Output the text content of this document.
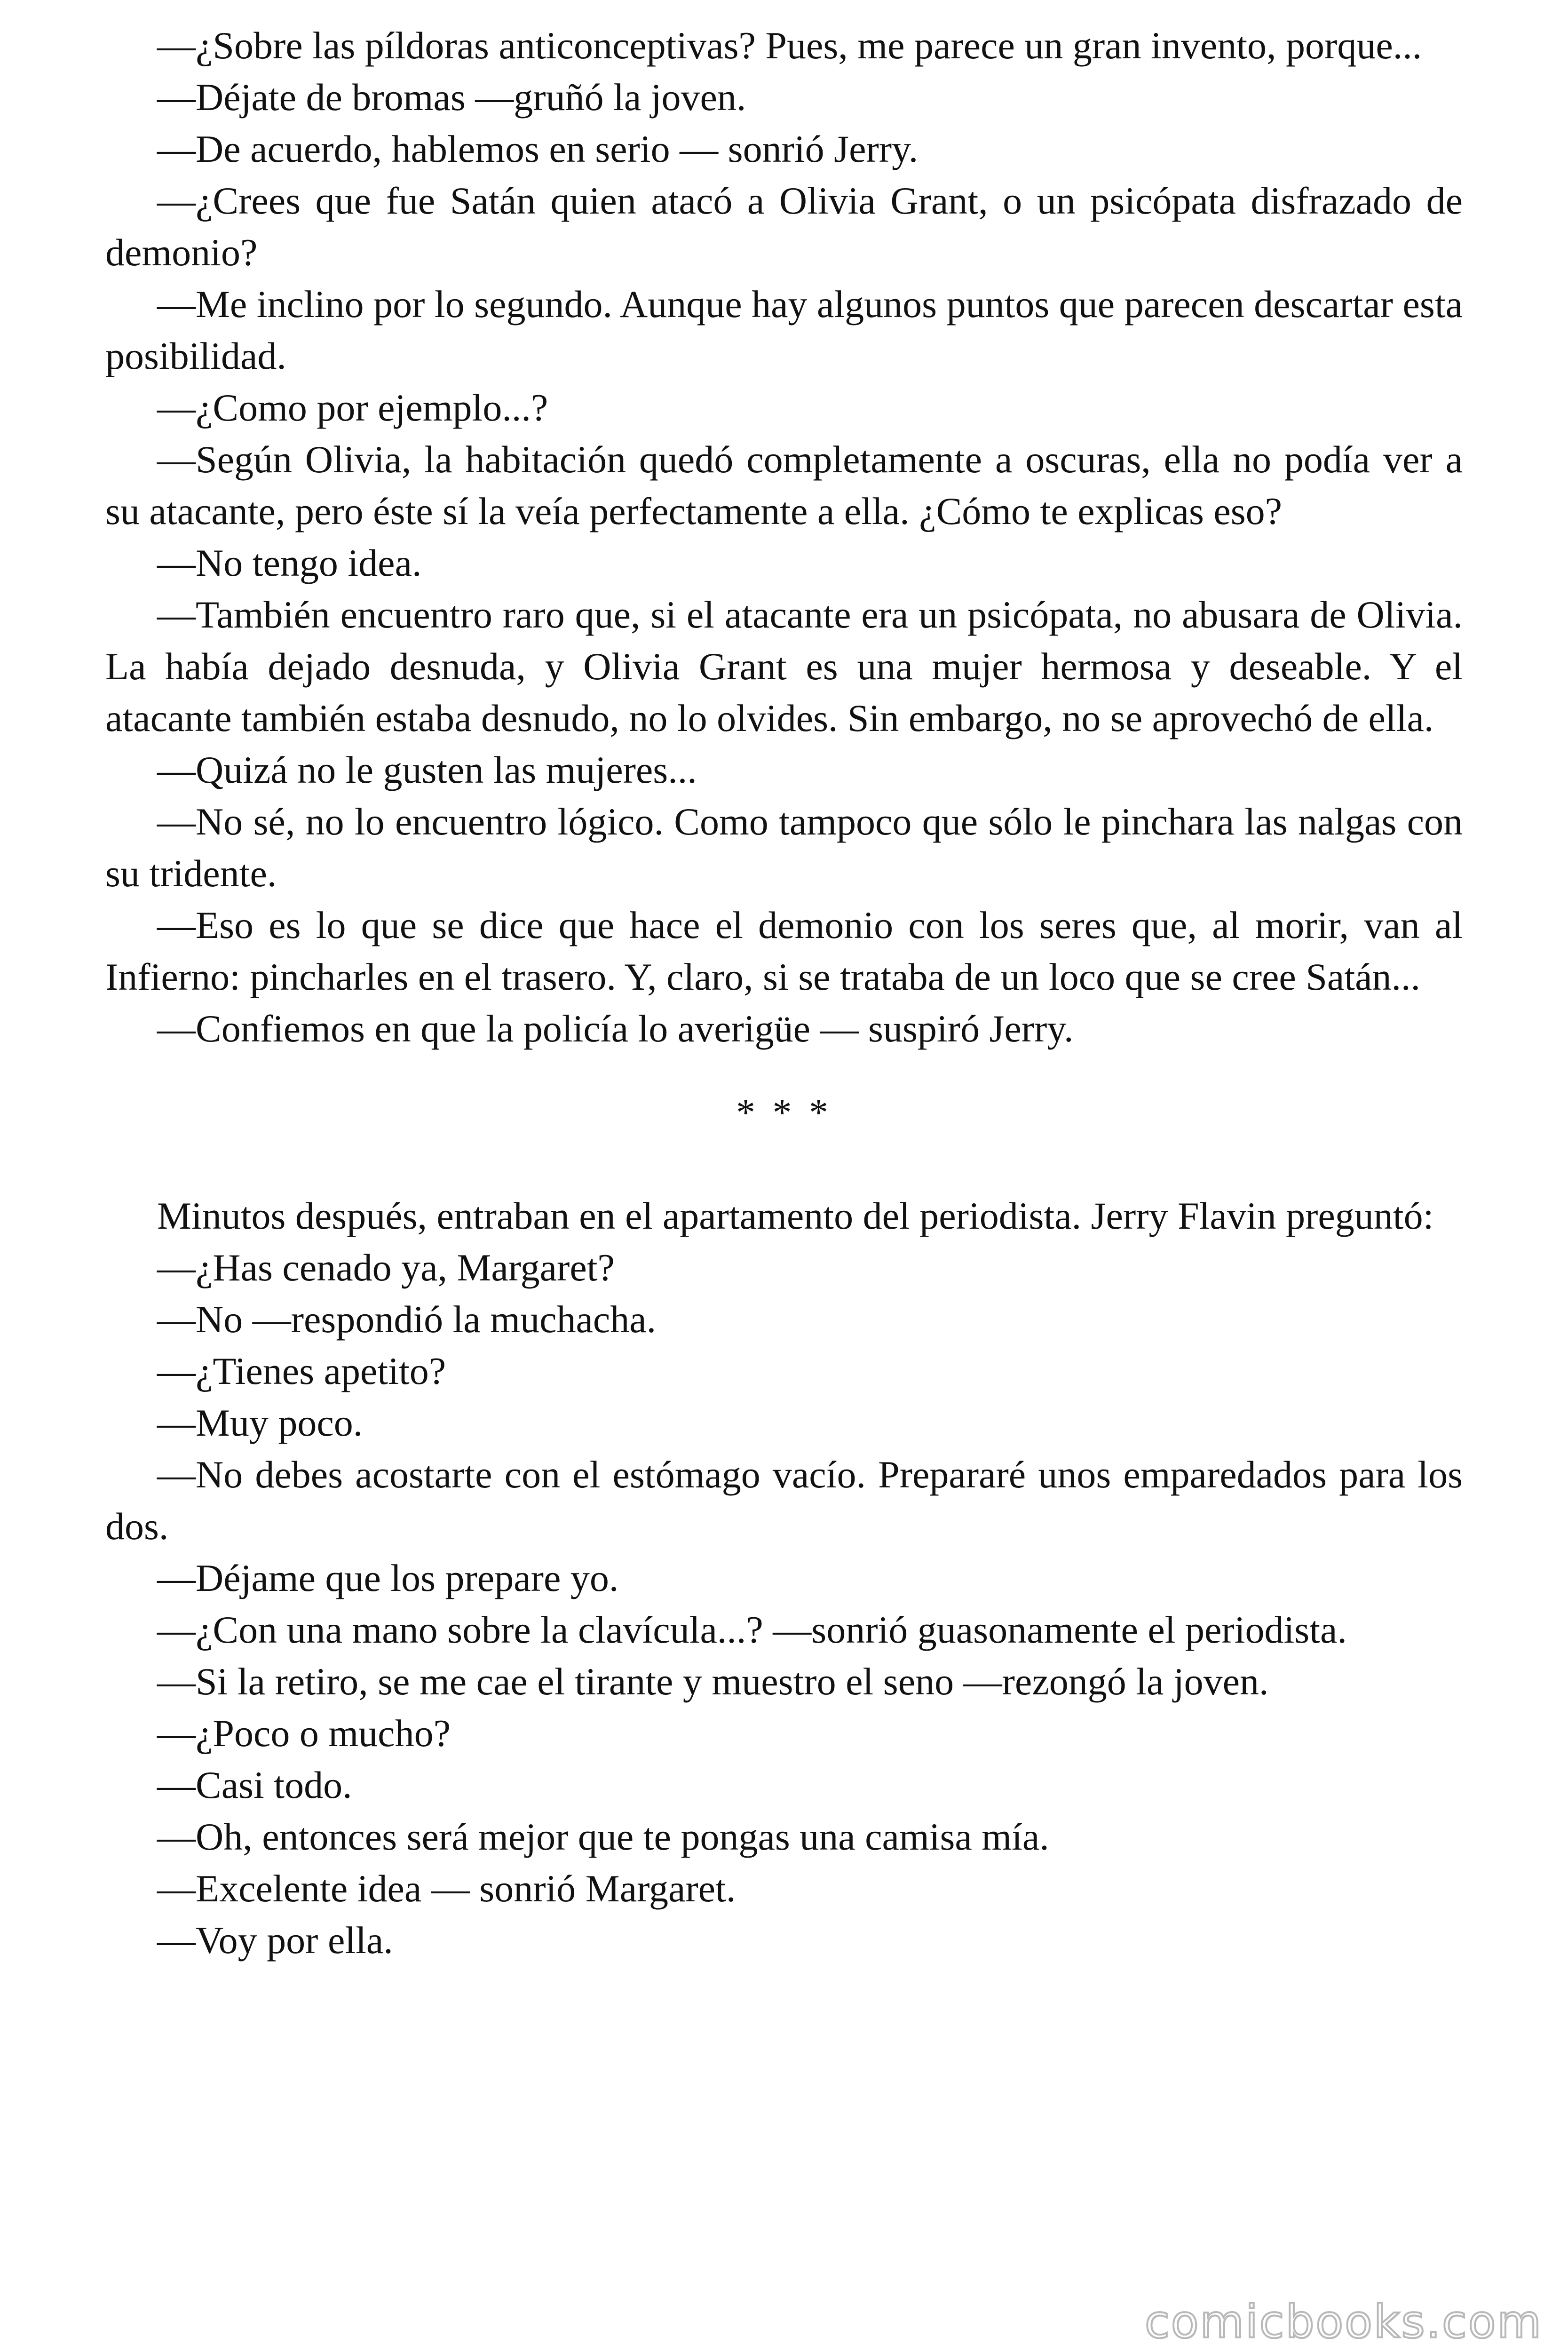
—¿Sobre las píldoras anticonceptivas? Pues, me parece un gran invento, porque...

—Déjate de bromas —gruñó la joven.

—De acuerdo, hablemos en serio — sonrió Jerry.

—¿Crees que fue Satán quien atacó a Olivia Grant, o un psicópata disfrazado de demonio?

—Me inclino por lo segundo. Aunque hay algunos puntos que parecen descartar esta posibilidad.

—¿Como por ejemplo...?

—Según Olivia, la habitación quedó completamente a oscuras, ella no podía ver a su atacante, pero éste sí la veía perfectamente a ella. ¿Cómo te explicas eso?

—No tengo idea.

—También encuentro raro que, si el atacante era un psicópata, no abusara de Olivia. La había dejado desnuda, y Olivia Grant es una mujer hermosa y deseable. Y el atacante también estaba desnudo, no lo olvides. Sin embargo, no se aprovechó de ella.

—Quizá no le gusten las mujeres...

—No sé, no lo encuentro lógico. Como tampoco que sólo le pinchara las nalgas con su tridente.

—Eso es lo que se dice que hace el demonio con los seres que, al morir, van al Infierno: pincharles en el trasero. Y, claro, si se trataba de un loco que se cree Satán...

—Confiemos en que la policía lo averigüe — suspiró Jerry.

* * *

Minutos después, entraban en el apartamento del periodista. Jerry Flavin preguntó:

—¿Has cenado ya, Margaret?

—No —respondió la muchacha.

—¿Tienes apetito?

—Muy poco.

—No debes acostarte con el estómago vacío. Prepararé unos emparedados para los dos.

—Déjame que los prepare yo.

—¿Con una mano sobre la clavícula...? —sonrió guasonamente el periodista.

—Si la retiro, se me cae el tirante y muestro el seno —rezongó la joven.

—¿Poco o mucho?

—Casi todo.

—Oh, entonces será mejor que te pongas una camisa mía.

—Excelente idea — sonrió Margaret.

—Voy por ella.

comicbooks.com
